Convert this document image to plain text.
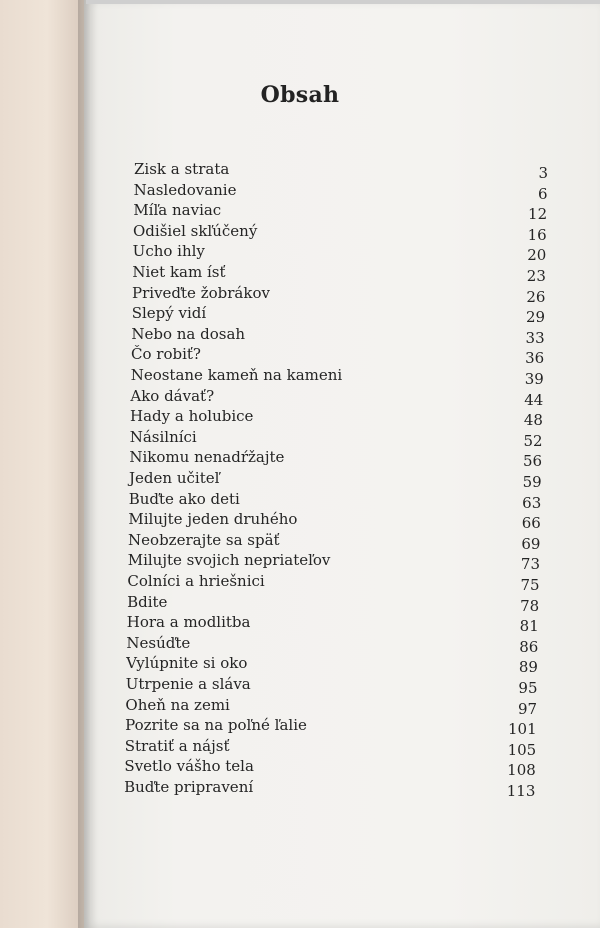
Obsah
Zisk a strata	3
Nasledovanie	6
Míľa naviac	12
Odišiel skľúčený	16
Ucho ihly	20
Niet kam ísť	23
Priveďte žobrákov	26
Slepý vidí	29
Nebo na dosah	33
Čo robiť?	36
Neostane kameň na kameni	39
Ako dávať?	44
Hady a holubice	48
Násilníci	52
Nikomu nenadŕžajte	56
Jeden učiteľ	59
Buďte ako deti	63
Milujte jeden druhého	66
Neobzerajte sa späť	69
Milujte svojich nepriateľov	73
Colníci a hriešnici	75
Bdite	78
Hora a modlitba	81
Nesúďte	86
Vylúpnite si oko	89
Utrpenie a sláva	95
Oheň na zemi	97
Pozrite sa na poľné ľalie	101
Stratiť a nájsť	105
Svetlo vášho tela	108
Buďte pripravení	113
